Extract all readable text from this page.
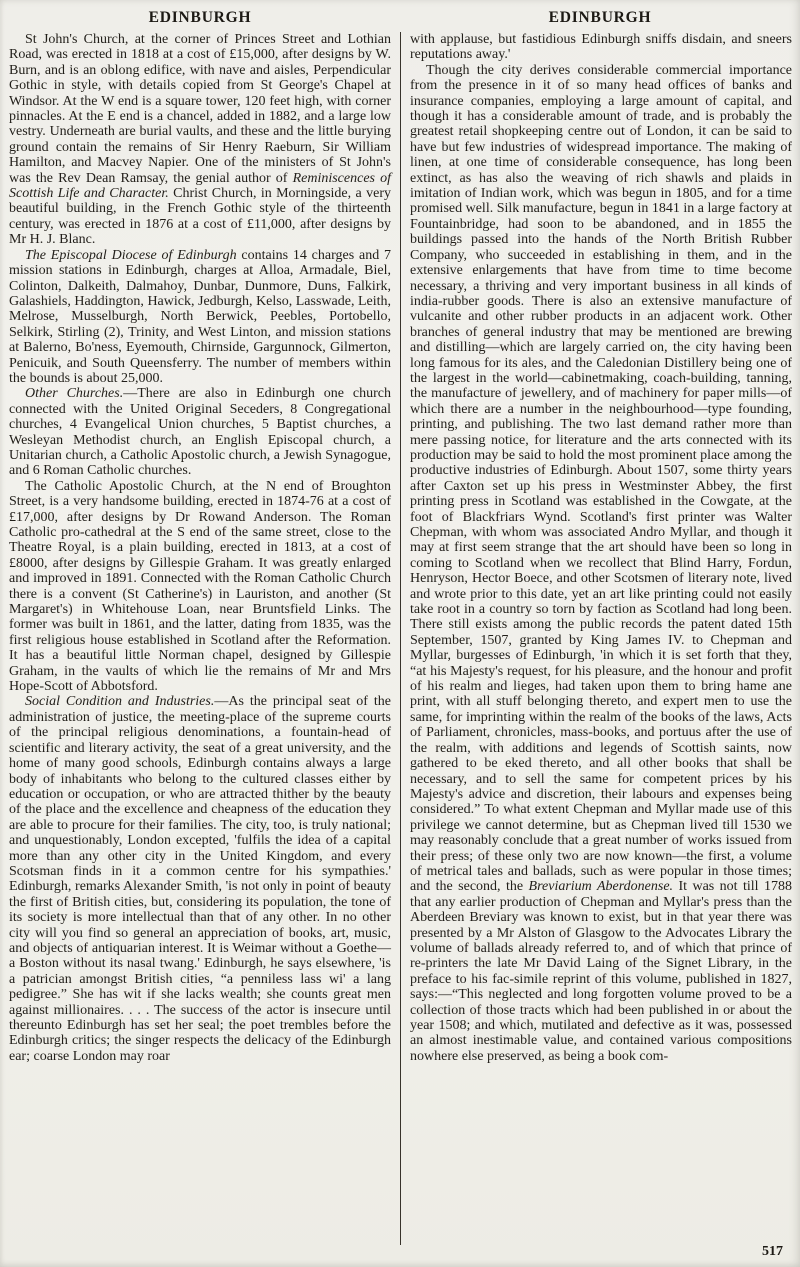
EDINBURGH	EDINBURGH

St John's Church, at the corner of Princes Street and Lothian Road, was erected in 1818 at a cost of £15,000, after designs by W. Burn, and is an oblong edifice, with nave and aisles, Perpendicular Gothic in style, with details copied from St George's Chapel at Windsor. At the W end is a square tower, 120 feet high, with corner pinnacles. At the E end is a chancel, added in 1882, and a large low vestry. Underneath are burial vaults, and these and the little burying ground contain the remains of Sir Henry Raeburn, Sir William Hamilton, and Macvey Napier. One of the ministers of St John's was the Rev Dean Ramsay, the genial author of Reminiscences of Scottish Life and Character. Christ Church, in Morningside, a very beautiful building, in the French Gothic style of the thirteenth century, was erected in 1876 at a cost of £11,000, after designs by Mr H. J. Blanc.

The Episcopal Diocese of Edinburgh contains 14 charges and 7 mission stations in Edinburgh, charges at Alloa, Armadale, Biel, Colinton, Dalkeith, Dalmahoy, Dunbar, Dunmore, Duns, Falkirk, Galashiels, Haddington, Hawick, Jedburgh, Kelso, Lasswade, Leith, Melrose, Musselburgh, North Berwick, Peebles, Portobello, Selkirk, Stirling (2), Trinity, and West Linton, and mission stations at Balerno, Bo'ness, Eyemouth, Chirnside, Gargunnock, Gilmerton, Penicuik, and South Queensferry. The number of members within the bounds is about 25,000.

Other Churches.—There are also in Edinburgh one church connected with the United Original Seceders, 8 Congregational churches, 4 Evangelical Union churches, 5 Baptist churches, a Wesleyan Methodist church, an English Episcopal church, a Unitarian church, a Catholic Apostolic church, a Jewish Synagogue, and 6 Roman Catholic churches.

The Catholic Apostolic Church, at the N end of Broughton Street, is a very handsome building, erected in 1874-76 at a cost of £17,000, after designs by Dr Rowand Anderson. The Roman Catholic pro-cathedral at the S end of the same street, close to the Theatre Royal, is a plain building, erected in 1813, at a cost of £8000, after designs by Gillespie Graham. It was greatly enlarged and improved in 1891. Connected with the Roman Catholic Church there is a convent (St Catherine's) in Lauriston, and another (St Margaret's) in Whitehouse Loan, near Bruntsfield Links. The former was built in 1861, and the latter, dating from 1835, was the first religious house established in Scotland after the Reformation. It has a beautiful little Norman chapel, designed by Gillespie Graham, in the vaults of which lie the remains of Mr and Mrs Hope-Scott of Abbotsford.

Social Condition and Industries.—As the principal seat of the administration of justice, the meeting-place of the supreme courts of the principal religious denominations, a fountain-head of scientific and literary activity, the seat of a great university, and the home of many good schools, Edinburgh contains always a large body of inhabitants who belong to the cultured classes either by education or occupation, or who are attracted thither by the beauty of the place and the excellence and cheapness of the education they are able to procure for their families. The city, too, is truly national; and unquestionably, London excepted, 'fulfils the idea of a capital more than any other city in the United Kingdom, and every Scotsman finds in it a common centre for his sympathies.' Edinburgh, remarks Alexander Smith, 'is not only in point of beauty the first of British cities, but, considering its population, the tone of its society is more intellectual than that of any other. In no other city will you find so general an appreciation of books, art, music, and objects of antiquarian interest. It is Weimar without a Goethe—a Boston without its nasal twang.' Edinburgh, he says elsewhere, 'is a patrician amongst British cities, “a penniless lass wi' a lang pedigree.” She has wit if she lacks wealth; she counts great men against millionaires. . . . The success of the actor is insecure until thereunto Edinburgh has set her seal; the poet trembles before the Edinburgh critics; the singer respects the delicacy of the Edinburgh ear; coarse London may roar

with applause, but fastidious Edinburgh sniffs disdain, and sneers reputations away.'

Though the city derives considerable commercial importance from the presence in it of so many head offices of banks and insurance companies, employing a large amount of capital, and though it has a considerable amount of trade, and is probably the greatest retail shopkeeping centre out of London, it can be said to have but few industries of widespread importance. The making of linen, at one time of considerable consequence, has long been extinct, as has also the weaving of rich shawls and plaids in imitation of Indian work, which was begun in 1805, and for a time promised well. Silk manufacture, begun in 1841 in a large factory at Fountainbridge, had soon to be abandoned, and in 1855 the buildings passed into the hands of the North British Rubber Company, who succeeded in establishing in them, and in the extensive enlargements that have from time to time become necessary, a thriving and very important business in all kinds of india-rubber goods. There is also an extensive manufacture of vulcanite and other rubber products in an adjacent work. Other branches of general industry that may be mentioned are brewing and distilling—which are largely carried on, the city having been long famous for its ales, and the Caledonian Distillery being one of the largest in the world—cabinetmaking, coach-building, tanning, the manufacture of jewellery, and of machinery for paper mills—of which there are a number in the neighbourhood—type founding, printing, and publishing. The two last demand rather more than mere passing notice, for literature and the arts connected with its production may be said to hold the most prominent place among the productive industries of Edinburgh. About 1507, some thirty years after Caxton set up his press in Westminster Abbey, the first printing press in Scotland was established in the Cowgate, at the foot of Blackfriars Wynd. Scotland's first printer was Walter Chepman, with whom was associated Andro Myllar, and though it may at first seem strange that the art should have been so long in coming to Scotland when we recollect that Blind Harry, Fordun, Henryson, Hector Boece, and other Scotsmen of literary note, lived and wrote prior to this date, yet an art like printing could not easily take root in a country so torn by faction as Scotland had long been. There still exists among the public records the patent dated 15th September, 1507, granted by King James IV. to Chepman and Myllar, burgesses of Edinburgh, 'in which it is set forth that they, “at his Majesty's request, for his pleasure, and the honour and profit of his realm and lieges, had taken upon them to bring hame ane print, with all stuff belonging thereto, and expert men to use the same, for imprinting within the realm of the books of the laws, Acts of Parliament, chronicles, mass-books, and portuus after the use of the realm, with additions and legends of Scottish saints, now gathered to be eked thereto, and all other books that shall be necessary, and to sell the same for competent prices by his Majesty's advice and discretion, their labours and expenses being considered.” To what extent Chepman and Myllar made use of this privilege we cannot determine, but as Chepman lived till 1530 we may reasonably conclude that a great number of works issued from their press; of these only two are now known—the first, a volume of metrical tales and ballads, such as were popular in those times; and the second, the Breviarium Aberdonense. It was not till 1788 that any earlier production of Chepman and Myllar's press than the Aberdeen Breviary was known to exist, but in that year there was presented by a Mr Alston of Glasgow to the Advocates Library the volume of ballads already referred to, and of which that prince of re-printers the late Mr David Laing of the Signet Library, in the preface to his fac-simile reprint of this volume, published in 1827, says:—“This neglected and long forgotten volume proved to be a collection of those tracts which had been published in or about the year 1508; and which, mutilated and defective as it was, possessed an almost inestimable value, and contained various compositions nowhere else preserved, as being a book com-

517
